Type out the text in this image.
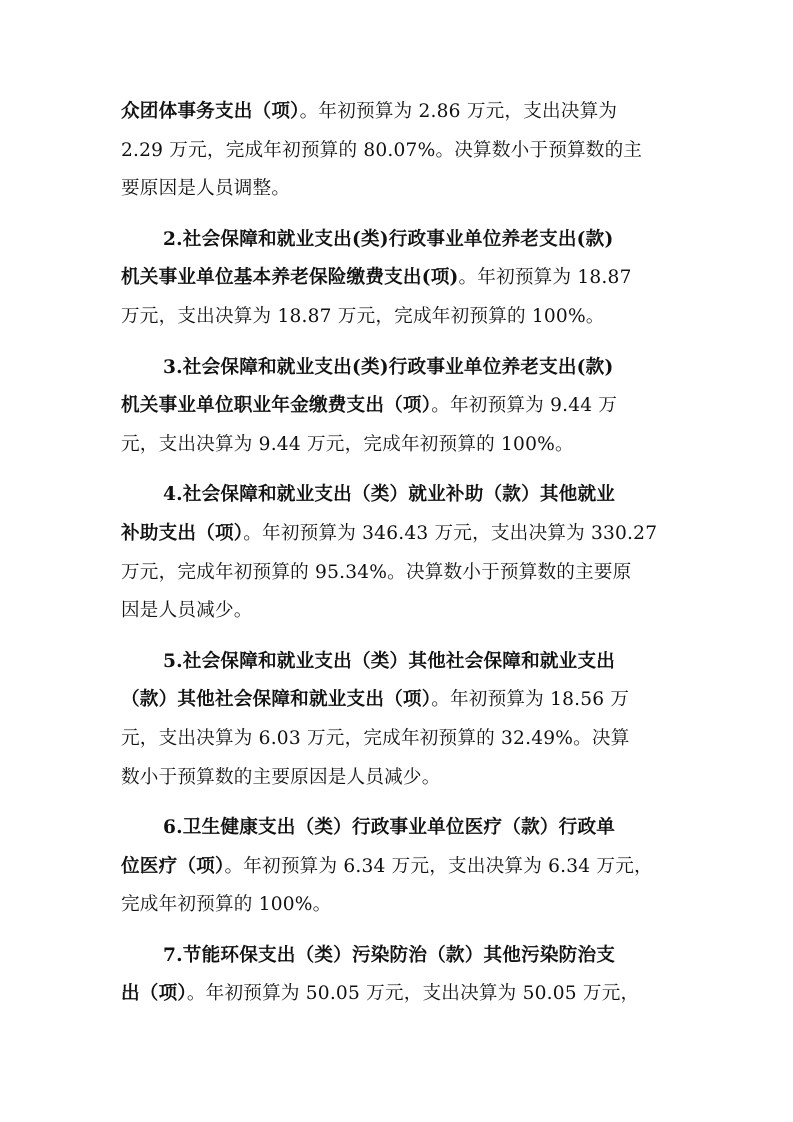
众团体事务支出（项）。年初预算为 2.86 万元，支出决算为
2.29 万元，完成年初预算的 80.07%。决算数小于预算数的主
要原因是人员调整。

2.社会保障和就业支出(类)行政事业单位养老支出(款)
机关事业单位基本养老保险缴费支出(项)。年初预算为 18.87
万元，支出决算为 18.87 万元，完成年初预算的 100%。

3.社会保障和就业支出(类)行政事业单位养老支出(款)
机关事业单位职业年金缴费支出（项）。年初预算为 9.44 万
元，支出决算为 9.44 万元，完成年初预算的 100%。

4.社会保障和就业支出（类）就业补助（款）其他就业
补助支出（项）。年初预算为 346.43 万元，支出决算为 330.27
万元，完成年初预算的 95.34%。决算数小于预算数的主要原
因是人员减少。

5.社会保障和就业支出（类）其他社会保障和就业支出
（款）其他社会保障和就业支出（项）。年初预算为 18.56 万
元，支出决算为 6.03 万元，完成年初预算的 32.49%。决算
数小于预算数的主要原因是人员减少。

6.卫生健康支出（类）行政事业单位医疗（款）行政单
位医疗（项）。年初预算为 6.34 万元，支出决算为 6.34 万元，
完成年初预算的 100%。

7.节能环保支出（类）污染防治（款）其他污染防治支
出（项）。年初预算为 50.05 万元，支出决算为 50.05 万元，
